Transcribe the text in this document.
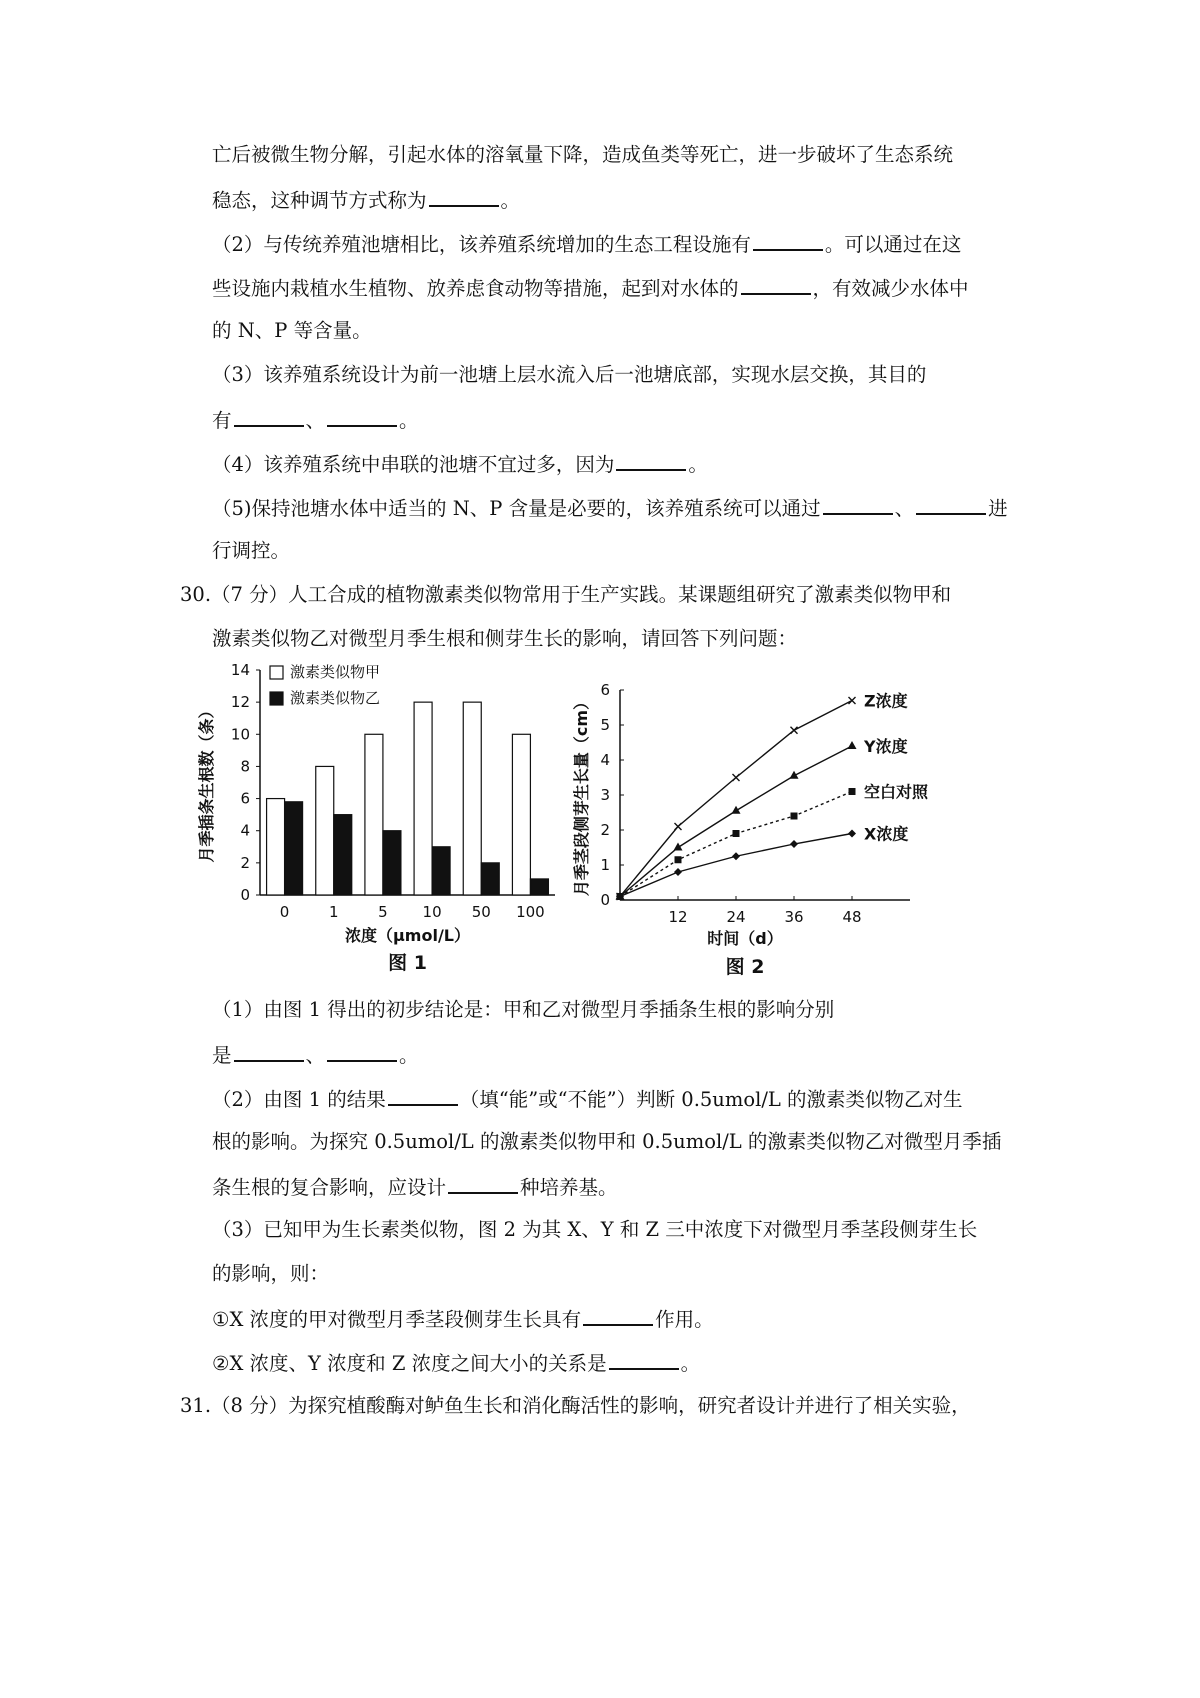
亡后被微生物分解，引起水体的溶氧量下降，造成鱼类等死亡，进一步破坏了生态系统
稳态，这种调节方式称为	。
（2）与传统养殖池塘相比，该养殖系统增加的生态工程设施有	。可以通过在这
些设施内栽植水生植物、放养虑食动物等措施，起到对水体的	，有效减少水体中
的 N、P 等含量。
（3）该养殖系统设计为前一池塘上层水流入后一池塘底部，实现水层交换，其目的
有	、	。
（4）该养殖系统中串联的池塘不宜过多，因为	。
（5)保持池塘水体中适当的 N、P 含量是必要的，该养殖系统可以通过	、	进
行调控。
30.（7 分）人工合成的植物激素类似物常用于生产实践。某课题组研究了激素类似物甲和
激素类似物乙对微型月季生根和侧芽生长的影响，请回答下列问题：
0
2
4
6
8
10
12
14
0	1	5 10 50 100
激素类似物甲
激素类似物乙
浓度（μmol/L）
图 1
月季插条生根数（条）
0
1
2
3
4
5
6
12	24	36	48
Z浓度
Y浓度
空白对照
X浓度
时间（d）
图 2
月季茎段侧芽生长量（cm）
（1）由图 1 得出的初步结论是：甲和乙对微型月季插条生根的影响分别
是	、	。
（2）由图 1 的结果	（填“能”或“不能”）判断 0.5umol/L 的激素类似物乙对生
根的影响。为探究 0.5umol/L 的激素类似物甲和 0.5umol/L 的激素类似物乙对微型月季插
条生根的复合影响，应设计	种培养基。
（3）已知甲为生长素类似物，图 2 为其 X、Y 和 Z 三中浓度下对微型月季茎段侧芽生长
的影响，则：
①X 浓度的甲对微型月季茎段侧芽生长具有	作用。
②X 浓度、Y 浓度和 Z 浓度之间大小的关系是	。
31.（8 分）为探究植酸酶对鲈鱼生长和消化酶活性的影响，研究者设计并进行了相关实验，
